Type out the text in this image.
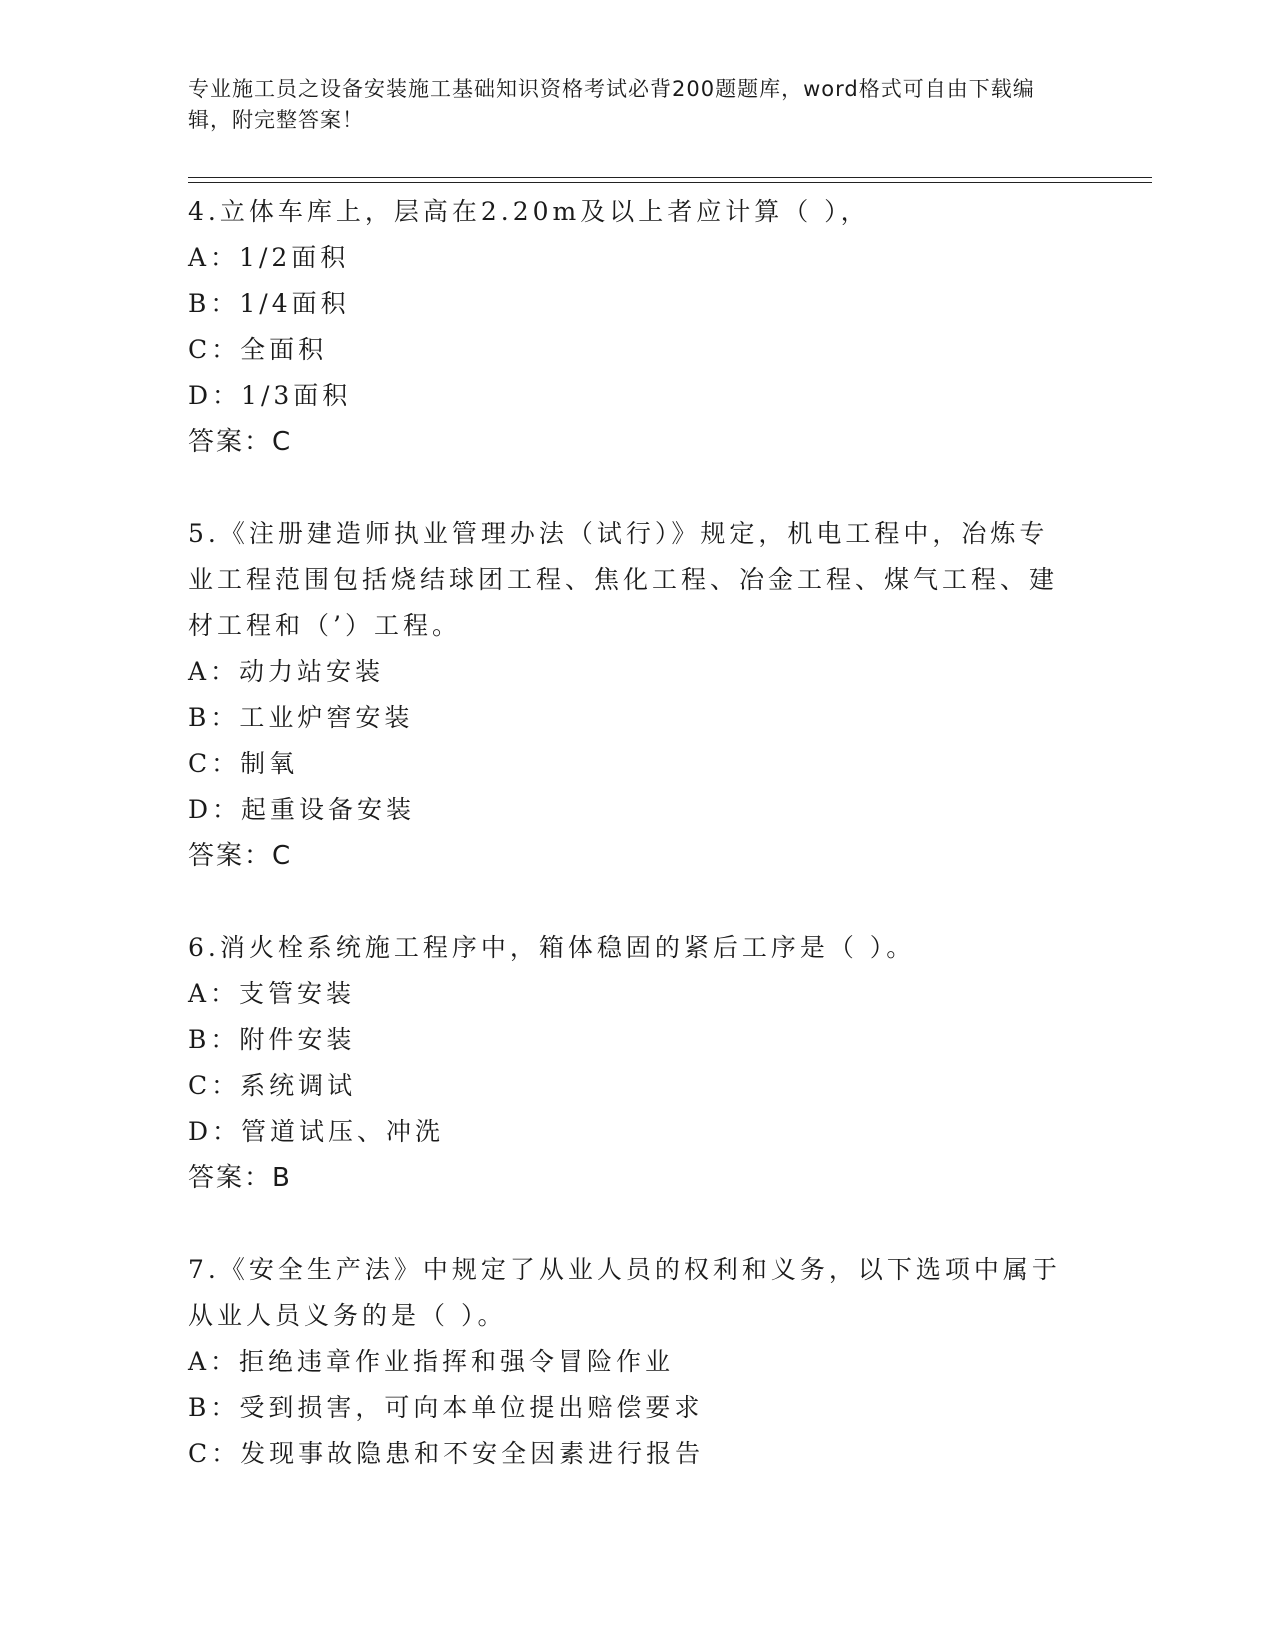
专业施工员之设备安装施工基础知识资格考试必背200题题库，word格式可自由下载编辑，附完整答案！

4.立体车库上，层高在2.20m及以上者应计算（ ），

A：1/2面积

B：1/4面积

C：全面积

D：1/3面积

答案：C

5.《注册建造师执业管理办法（试行）》规定，机电工程中，冶炼专业工程范围包括烧结球团工程、焦化工程、冶金工程、煤气工程、建材工程和（’）工程。

A：动力站安装

B：工业炉窖安装

C：制氧

D：起重设备安装

答案：C

6.消火栓系统施工程序中，箱体稳固的紧后工序是（ ）。

A：支管安装

B：附件安装

C：系统调试

D：管道试压、冲洗

答案：B

7.《安全生产法》中规定了从业人员的权利和义务，以下选项中属于从业人员义务的是（ ）。

A：拒绝违章作业指挥和强令冒险作业

B：受到损害，可向本单位提出赔偿要求

C：发现事故隐患和不安全因素进行报告
